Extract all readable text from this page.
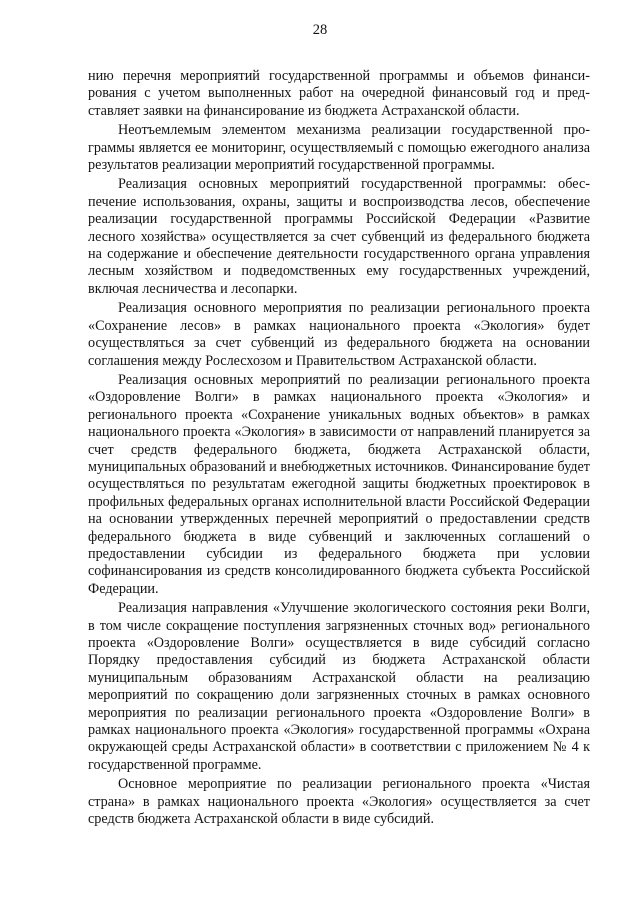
28

нию перечня мероприятий государственной программы и объемов финансирования с учетом выполненных работ на очередной финансовый год и представляет заявки на финансирование из бюджета Астраханской области.

Неотъемлемым элементом механизма реализации государственной программы является ее мониторинг, осуществляемый с помощью ежегодного анализа результатов реализации мероприятий государственной программы.

Реализация основных мероприятий государственной программы: обеспечение использования, охраны, защиты и воспроизводства лесов, обеспечение реализации государственной программы Российской Федерации «Развитие лесного хозяйства» осуществляется за счет субвенций из федерального бюджета на содержание и обеспечение деятельности государственного органа управления лесным хозяйством и подведомственных ему государственных учреждений, включая лесничества и лесопарки.

Реализация основного мероприятия по реализации регионального проекта «Сохранение лесов» в рамках национального проекта «Экология» будет осуществляться за счет субвенций из федерального бюджета на основании соглашения между Рослесхозом и Правительством Астраханской области.

Реализация основных мероприятий по реализации регионального проекта «Оздоровление Волги» в рамках национального проекта «Экология» и регионального проекта «Сохранение уникальных водных объектов» в рамках национального проекта «Экология» в зависимости от направлений планируется за счет средств федерального бюджета, бюджета Астраханской области, муниципальных образований и внебюджетных источников. Финансирование будет осуществляться по результатам ежегодной защиты бюджетных проектировок в профильных федеральных органах исполнительной власти Российской Федерации на основании утвержденных перечней мероприятий о предоставлении средств федерального бюджета в виде субвенций и заключенных соглашений о предоставлении субсидии из федерального бюджета при условии софинансирования из средств консолидированного бюджета субъекта Российской Федерации.

Реализация направления «Улучшение экологического состояния реки Волги, в том числе сокращение поступления загрязненных сточных вод» регионального проекта «Оздоровление Волги» осуществляется в виде субсидий согласно Порядку предоставления субсидий из бюджета Астраханской области муниципальным образованиям Астраханской области на реализацию мероприятий по сокращению доли загрязненных сточных в рамках основного мероприятия по реализации регионального проекта «Оздоровление Волги» в рамках национального проекта «Экология» государственной программы «Охрана окружающей среды Астраханской области» в соответствии с приложением № 4 к государственной программе.

Основное мероприятие по реализации регионального проекта «Чистая страна» в рамках национального проекта «Экология» осуществляется за счет средств бюджета Астраханской области в виде субсидий.
